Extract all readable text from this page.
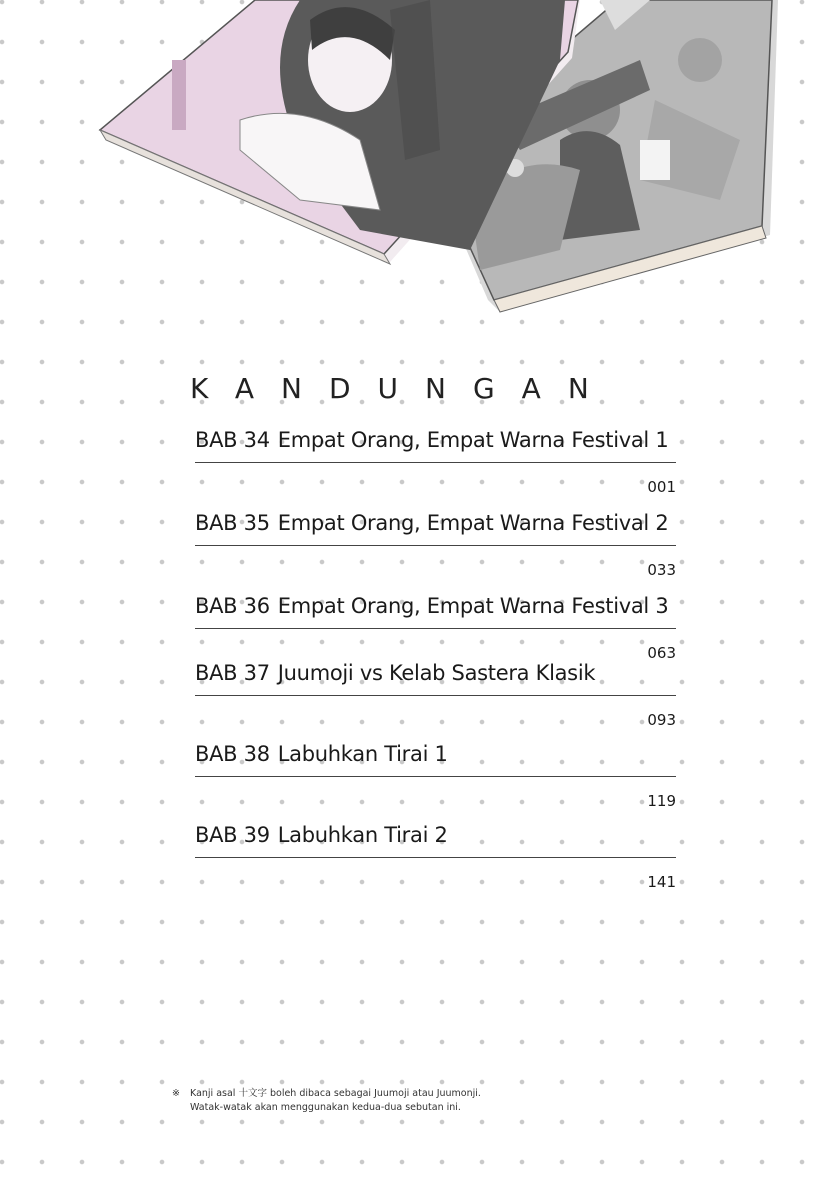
KANDUNGAN

BAB 34 Empat Orang, Empat Warna Festival 1

001

BAB 35 Empat Orang, Empat Warna Festival 2

033

BAB 36 Empat Orang, Empat Warna Festival 3

063

BAB 37 Juumoji vs Kelab Sastera Klasik

093

BAB 38 Labuhkan Tirai 1

119

BAB 39 Labuhkan Tirai 2

141
※	Kanji asal 十文字 boleh dibaca sebagai Juumoji atau Juumonji.
Watak-watak akan menggunakan kedua-dua sebutan ini.
